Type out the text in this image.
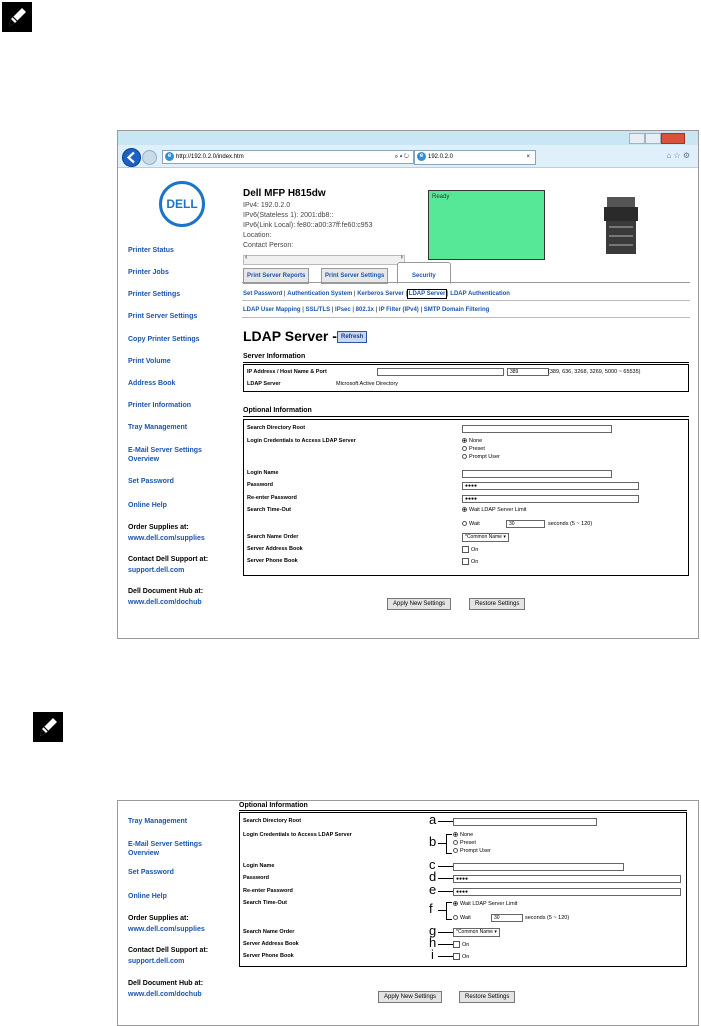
e http://192.0.2.0/index.htm	⌕ ▾ ↻	e 192.0.2.0	×	⌂ ☆ ⚙
DELL
Printer Status
Printer Jobs
Printer Settings
Print Server Settings
Copy Printer Settings
Print Volume
Address Book
Printer Information
Tray Management
E-Mail Server Settings Overview
Set Password
Online Help
Order Supplies at:
www.dell.com/supplies
Contact Dell Support at:
support.dell.com
Dell Document Hub at:
www.dell.com/dochub
Dell MFP H815dw
IPv4: 192.0.2.0
IPv6(Stateless 1): 2001:db8::
IPv6(Link Local): fe80::a00:37ff:fe60:c953
Location:
Contact Person:
Ready
‹	›
Print Server Reports	Print Server Settings	Security
Set Password | Authentication System | Kerberos Server | LDAP Server | LDAP Authentication
LDAP User Mapping | SSL/TLS | IPsec | 802.1x | IP Filter (IPv4) | SMTP Domain Filtering
LDAP Server - Refresh
Server Information
IP Address / Host Name & Port	389	(389, 636, 3268, 3269, 5000 ~ 65535)
LDAP Server	Microsoft Active Directory
Optional Information
Search Directory Root
Login Credentials to Access LDAP Server	None
Preset
Prompt User
Login Name
Password	●●●●
Re-enter Password	●●●●
Search Time-Out	Wait LDAP Server Limit
Wait	30	seconds (5 ~ 120)
Search Name Order	*Common Name ▾
Server Address Book	On
Server Phone Book	On
Apply New Settings	Restore Settings
Tray Management
E-Mail Server Settings Overview
Set Password
Online Help
Order Supplies at:
www.dell.com/supplies
Contact Dell Support at:
support.dell.com
Dell Document Hub at:
www.dell.com/dochub
Optional Information
Search Directory Root
Login Credentials to Access LDAP Server	None
Preset
Prompt User
Login Name
Password	●●●●
Re-enter Password	●●●●
Search Time-Out	Wait LDAP Server Limit
Wait	30	seconds (5 ~ 120)
Search Name Order	*Common Name ▾
Server Address Book	On
Server Phone Book	On
a
b
c
d
e
f
g
h
i
Apply New Settings	Restore Settings
